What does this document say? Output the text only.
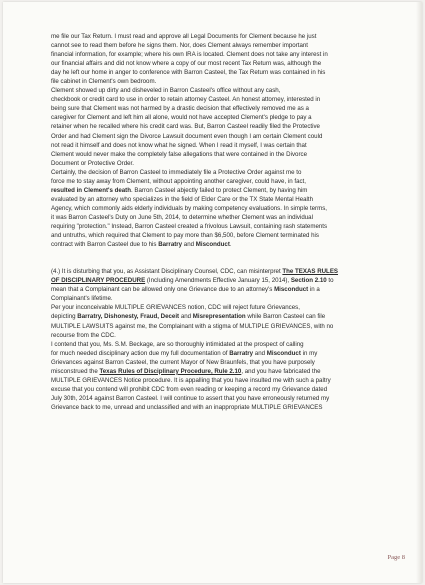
me file our Tax Return. I must read and approve all Legal Documents for Clement because he just
cannot see to read them before he signs them. Nor, does Clement always remember important
financial information, for example; where his own IRA is located. Clement does not take any interest in
our financial affairs and did not know where a copy of our most recent Tax Return was, although the
day he left our home in anger to conference with Barron Casteel, the Tax Return was contained in his
file cabinet in Clement's own bedroom.
Clement showed up dirty and disheveled in Barron Casteel's office without any cash,
checkbook or credit card to use in order to retain attorney Casteel. An honest attorney, interested in
being sure that Clement was not harmed by a drastic decision that effectively removed me as a
caregiver for Clement and left him all alone, would not have accepted Clement's pledge to pay a
retainer when he recalled where his credit card was. But, Barron Casteel readily filed the Protective
Order and had Clement sign the Divorce Lawsuit document even though I am certain Clement could
not read it himself and does not know what he signed. When I read it myself, I was certain that
Clement would never make the completely false allegations that were contained in the Divorce
Document or Protective Order.
Certainly, the decision of Barron Casteel to immediately file a Protective Order against me to
force me to stay away from Clement, without appointing another caregiver, could have, in fact,
resulted in Clement's death. Barron Casteel abjectly failed to protect Clement, by having him
evaluated by an attorney who specializes in the field of Elder Care or the TX State Mental Health
Agency, which commonly aids elderly individuals by making competency evaluations. In simple terms,
it was Barron Casteel's Duty on June 5th, 2014, to determine whether Clement was an individual
requiring "protection." Instead, Barron Casteel created a frivolous Lawsuit, containing rash statements
and untruths, which required that Clement to pay more than $6,500, before Clement terminated his
contract with Barron Casteel due to his Barratry and Misconduct.
(4.) It is disturbing that you, as Assistant Disciplinary Counsel, CDC, can misinterpret The TEXAS RULES
OF DISCIPLINARY PROCEDURE (Including Amendments Effective January 15, 2014), Section 2.10 to
mean that a Complainant can be allowed only one Grievance due to an attorney's Misconduct in a
Complainant's lifetime.
Per your inconceivable MULTIPLE GRIEVANCES notion, CDC will reject future Grievances,
depicting Barratry, Dishonesty, Fraud, Deceit and Misrepresentation while Barron Casteel can file
MULTIPLE LAWSUITS against me, the Complainant with a stigma of MULTIPLE GRIEVANCES, with no
recourse from the CDC.
I contend that you, Ms. S.M. Beckage, are so thoroughly intimidated at the prospect of calling
for much needed disciplinary action due my full documentation of Barratry and Misconduct in my
Grievances against Barron Casteel, the current Mayor of New Braunfels, that you have purposely
misconstrued the Texas Rules of Disciplinary Procedure, Rule 2.10, and you have fabricated the
MULTIPLE GRIEVANCES Notice procedure. It is appalling that you have insulted me with such a paltry
excuse that you contend will prohibit CDC from even reading or keeping a record my Grievance dated
July 30th, 2014 against Barron Casteel. I will continue to assert that you have erroneously returned my
Grievance back to me, unread and unclassified and with an inappropriate MULTIPLE GRIEVANCES
Page 8
